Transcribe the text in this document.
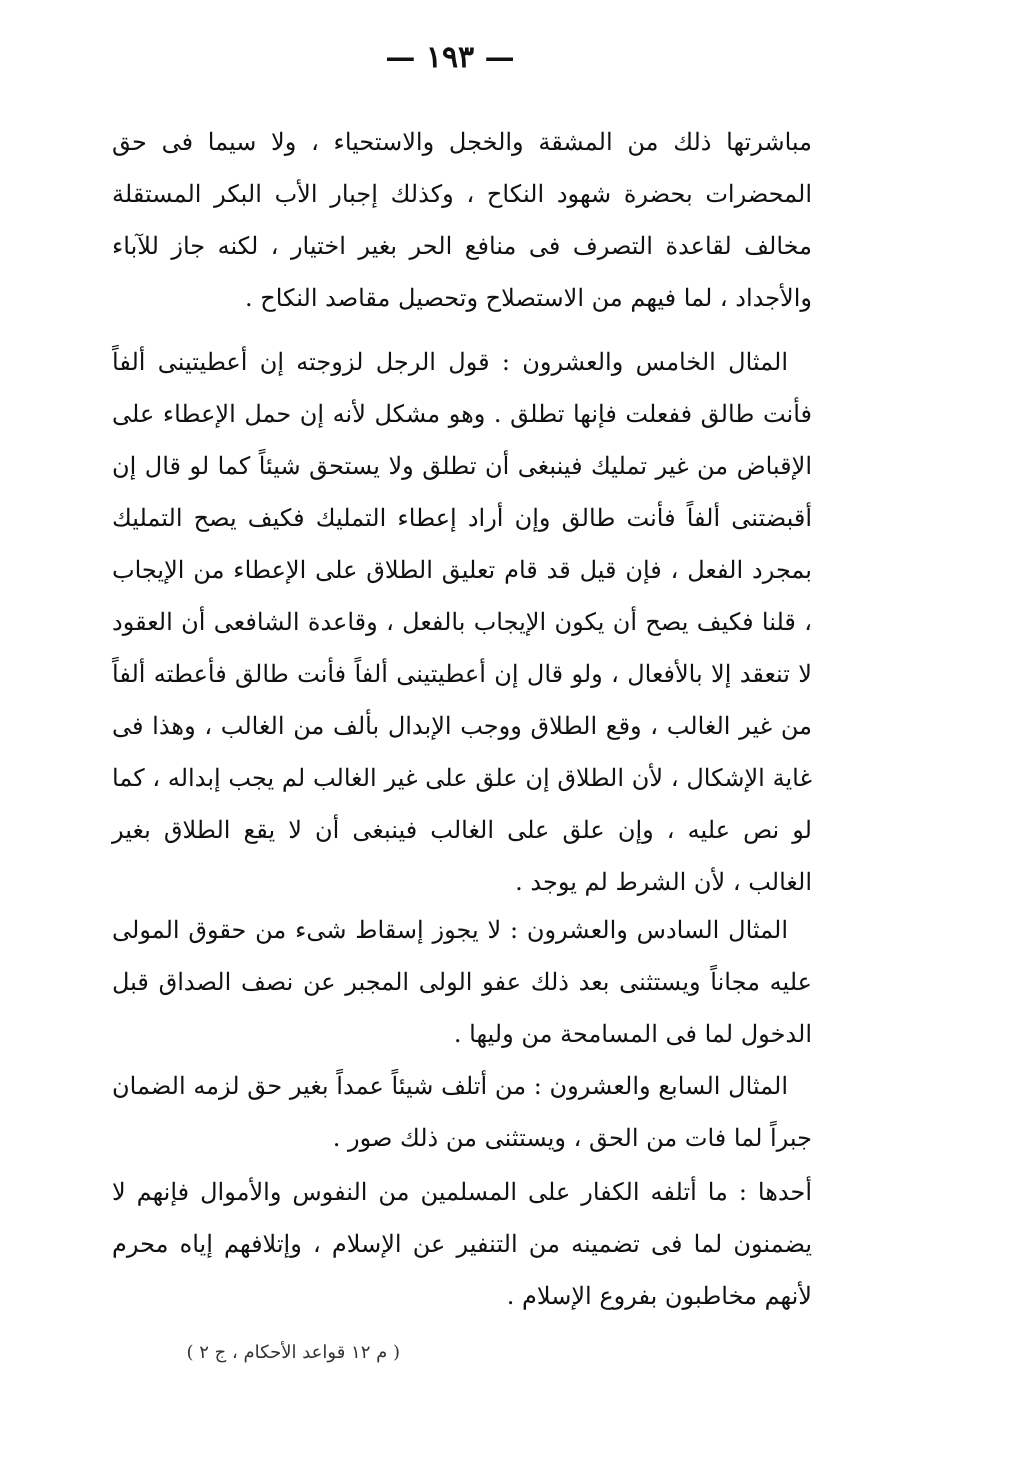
— ١٩٣ —

مباشرتها ذلك من المشقة والخجل والاستحياء ، ولا سيما فى حق المحضرات بحضرة شهود النكاح ، وكذلك إجبار الأب البكر المستقلة مخالف لقاعدة التصرف فى منافع الحر بغير اختيار ، لكنه جاز للآباء والأجداد ، لما فيهم من الاستصلاح وتحصيل مقاصد النكاح .

المثال الخامس والعشرون : قول الرجل لزوجته إن أعطيتينى ألفاً فأنت طالق ففعلت فإنها تطلق . وهو مشكل لأنه إن حمل الإعطاء على الإقباض من غير تمليك فينبغى أن تطلق ولا يستحق شيئاً كما لو قال إن أقبضتنى ألفاً فأنت طالق وإن أراد إعطاء التمليك فكيف يصح التمليك بمجرد الفعل ، فإن قيل قد قام تعليق الطلاق على الإعطاء من الإيجاب ، قلنا فكيف يصح أن يكون الإيجاب بالفعل ، وقاعدة الشافعى أن العقود لا تنعقد إلا بالأفعال ، ولو قال إن أعطيتينى ألفاً فأنت طالق فأعطته ألفاً من غير الغالب ، وقع الطلاق ووجب الإبدال بألف من الغالب ، وهذا فى غاية الإشكال ، لأن الطلاق إن علق على غير الغالب لم يجب إبداله ، كما لو نص عليه ، وإن علق على الغالب فينبغى أن لا يقع الطلاق بغير الغالب ، لأن الشرط لم يوجد .

المثال السادس والعشرون : لا يجوز إسقاط شىء من حقوق المولى عليه مجاناً ويستثنى بعد ذلك عفو الولى المجبر عن نصف الصداق قبل الدخول لما فى المسامحة من وليها .

المثال السابع والعشرون : من أتلف شيئاً عمداً بغير حق لزمه الضمان جبراً لما فات من الحق ، ويستثنى من ذلك صور .

أحدها : ما أتلفه الكفار على المسلمين من النفوس والأموال فإنهم لا يضمنون لما فى تضمينه من التنفير عن الإسلام ، وإتلافهم إياه محرم لأنهم مخاطبون بفروع الإسلام .

( م ١٢ قواعد الأحكام ، ج ٢ )
